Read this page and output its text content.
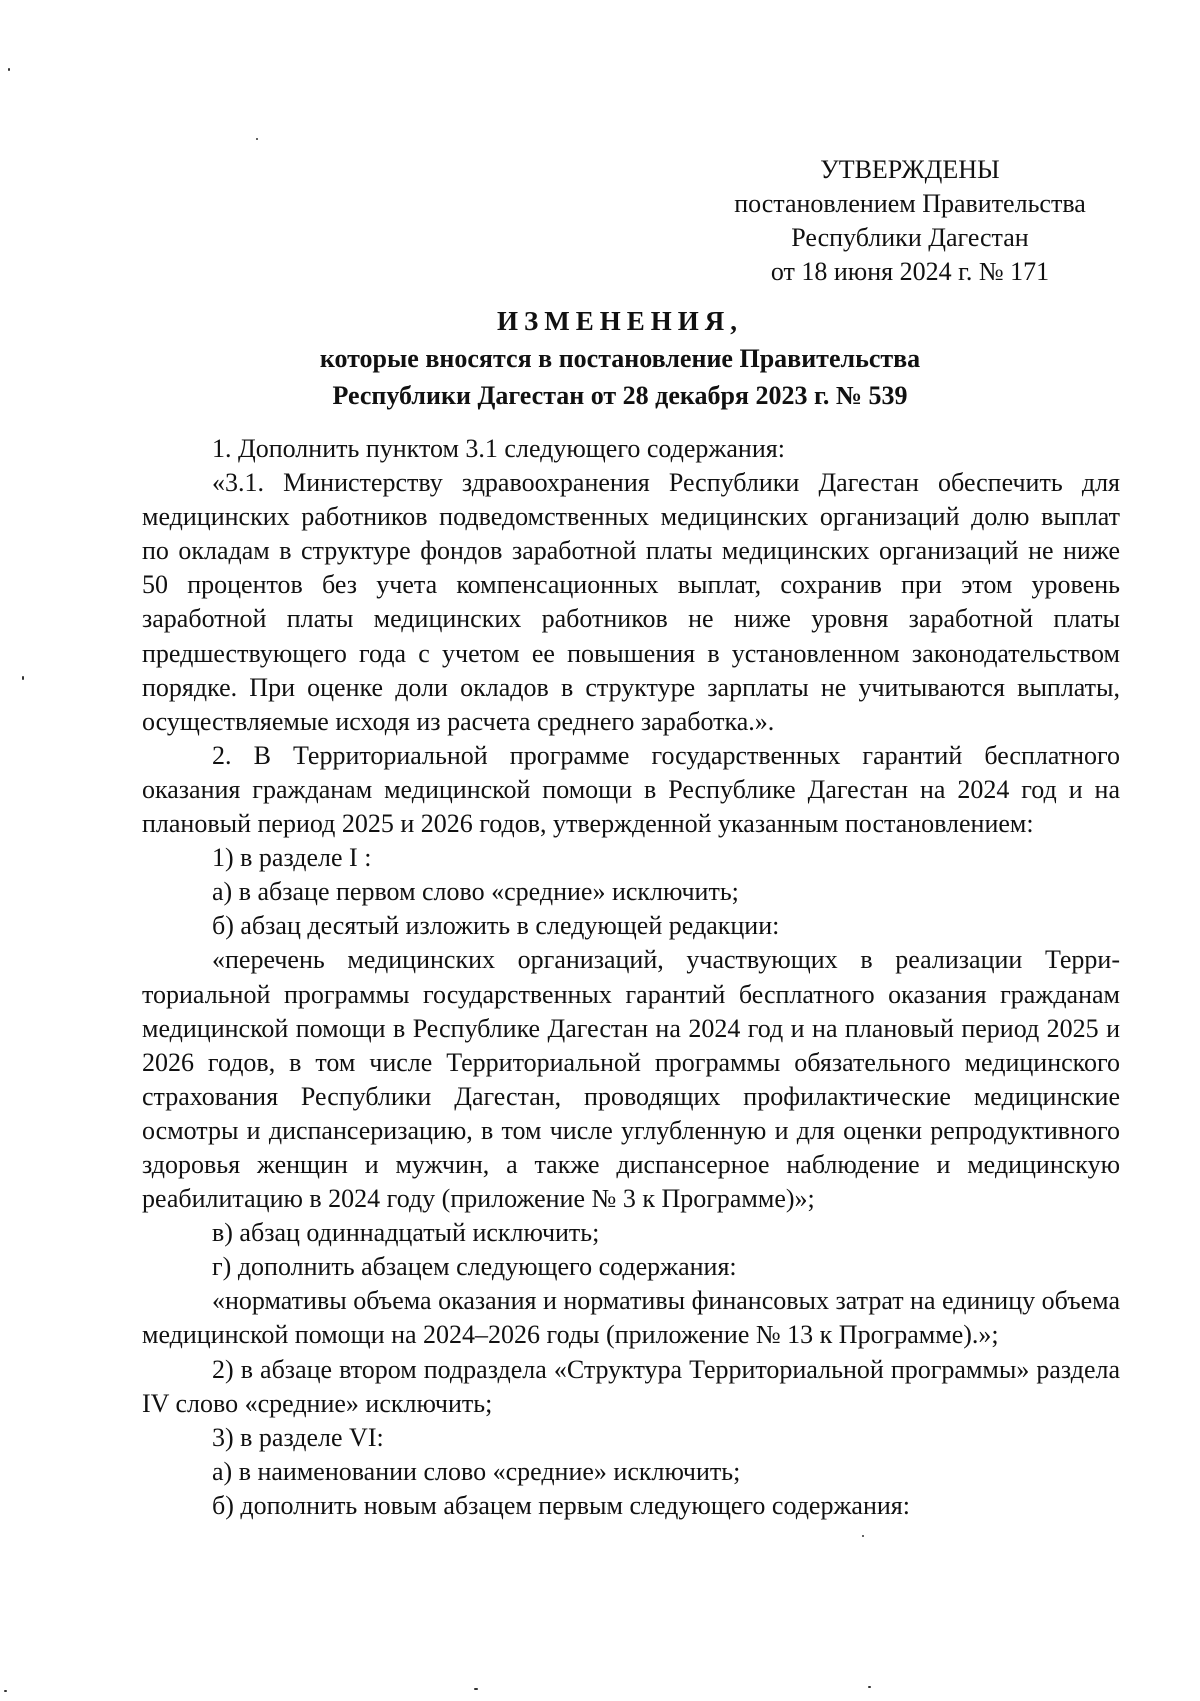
УТВЕРЖДЕНЫ
постановлением Правительства
Республики Дагестан
от 18 июня 2024 г. № 171
ИЗМЕНЕНИЯ,
которые вносятся в постановление Правительства
Республики Дагестан от 28 декабря 2023 г. № 539

1. Дополнить пунктом 3.1 следующего содержания:

«3.1. Министерству здравоохранения Республики Дагестан обеспечить для медицинских работников подведомственных медицинских организаций долю выплат по окладам в структуре фондов заработной платы медицинских организаций не ниже 50 процентов без учета компенсационных выплат, сохранив при этом уровень заработной платы медицинских работников не ниже уровня заработной платы предшествующего года с учетом ее повышения в установленном законодательством порядке. При оценке доли окладов в структуре зарплаты не учитываются выплаты, осуществляемые исходя из расчета среднего заработка.».

2. В Территориальной программе государственных гарантий бесплатного оказания гражданам медицинской помощи в Республике Дагестан на 2024 год и на плановый период 2025 и 2026 годов, утвержденной указанным постановлением:

1) в разделе I :

а) в абзаце первом слово «средние» исключить;

б) абзац десятый изложить в следующей редакции:

«перечень медицинских организаций, участвующих в реализации Территориальной программы государственных гарантий бесплатного оказания гражданам медицинской помощи в Республике Дагестан на 2024 год и на плановый период 2025 и 2026 годов, в том числе Территориальной программы обязательного медицинского страхования Республики Дагестан, проводящих профилактические медицинские осмотры и диспансеризацию, в том числе углубленную и для оценки репродуктивного здоровья женщин и мужчин, а также диспансерное наблюдение и медицинскую реабилитацию в 2024 году (приложение № 3 к Программе)»;

в) абзац одиннадцатый исключить;

г) дополнить абзацем следующего содержания:

«нормативы объема оказания и нормативы финансовых затрат на единицу объема медицинской помощи на 2024–2026 годы (приложение № 13 к Программе).»;

2) в абзаце втором подраздела «Структура Территориальной программы» раздела IV слово «средние» исключить;

3) в разделе VI:

а) в наименовании слово «средние» исключить;

б) дополнить новым абзацем первым следующего содержания:
